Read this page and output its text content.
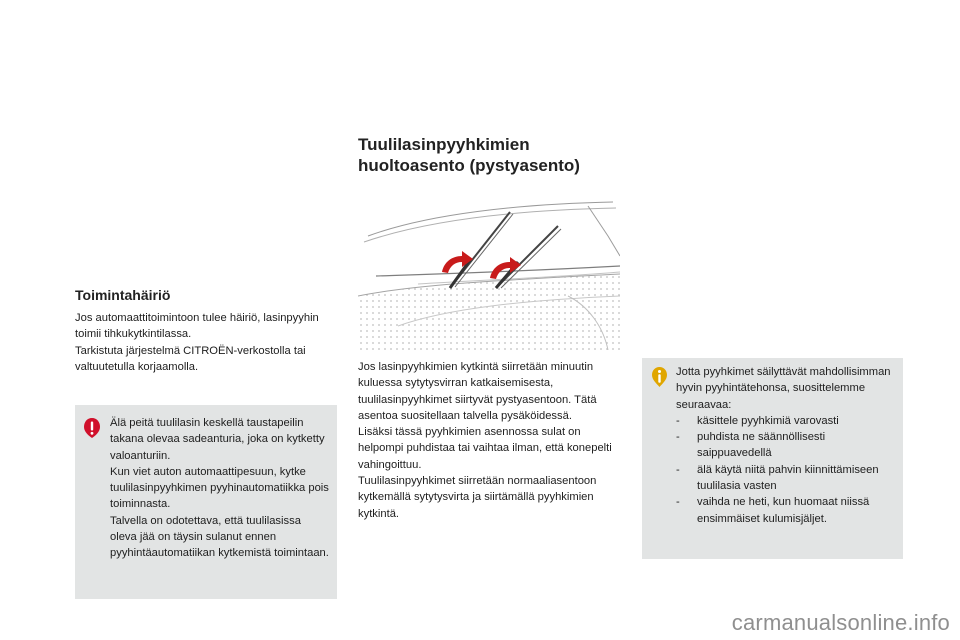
Tuulilasinpyyhkimien huoltoasento (pystyasento)

Jos lasinpyyhkimien kytkintä siirretään minuutin kuluessa sytytysvirran katkaisemisesta, tuulilasinpyyhkimet siirtyvät pystyasentoon. Tätä asentoa suositellaan talvella pysäköidessä.

Lisäksi tässä pyyhkimien asennossa sulat on helpompi puhdistaa tai vaihtaa ilman, että konepelti vahingoittuu.

Tuulilasinpyyhkimet siirretään normaaliasentoon kytkemällä sytytysvirta ja siirtämällä pyyhkimien kytkintä.

Toimintahäiriö

Jos automaattitoimintoon tulee häiriö, lasinpyyhin toimii tihkukytkintilassa.

Tarkistuta järjestelmä CITROËN-verkostolla tai valtuutetulla korjaamolla.

Älä peitä tuulilasin keskellä taustapeilin takana olevaa sadeanturia, joka on kytketty valoanturiin.

Kun viet auton automaattipesuun, kytke tuulilasinpyyhkimen pyyhinautomatiikka pois toiminnasta.

Talvella on odotettava, että tuulilasissa oleva jää on täysin sulanut ennen pyyhintäautomatiikan kytkemistä toimintaan.

Jotta pyyhkimet säilyttävät mahdollisimman hyvin pyyhintätehonsa, suosittelemme seuraavaa:

- käsittele pyyhkimiä varovasti
- puhdista ne säännöllisesti saippuavedellä
- älä käytä niitä pahvin kiinnittämiseen tuulilasia vasten
- vaihda ne heti, kun huomaat niissä ensimmäiset kulumisjäljet.
carmanualsonline.info
